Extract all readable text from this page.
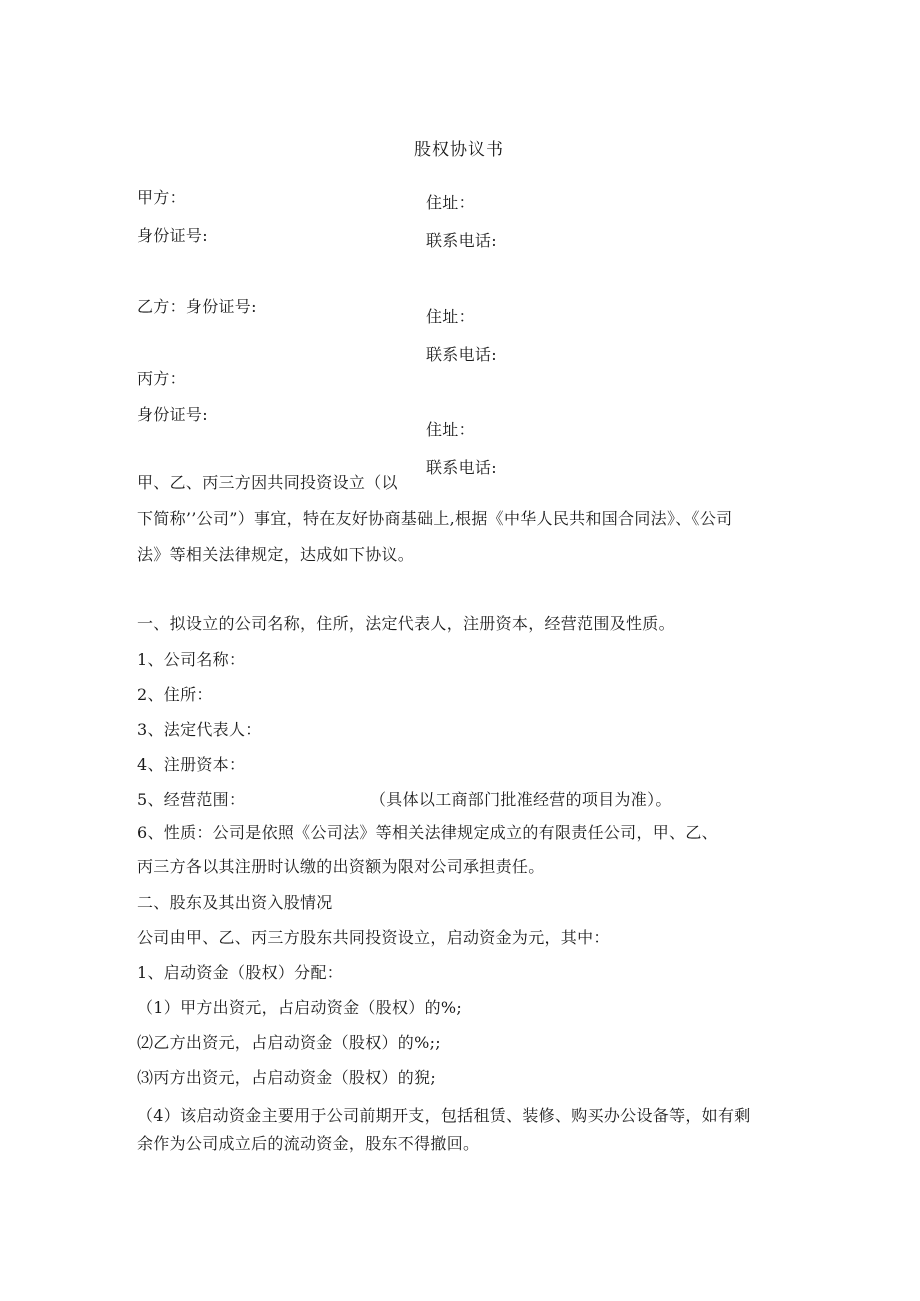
股权协议书
甲方：	住址：
身份证号:	联系电话:
乙方：身份证号:
住址：
联系电话:
丙方：
身份证号:
住址：
联系电话:
甲、乙、丙三方因共同投资设立（以
下简称’’公司”）事宜，特在友好协商基础上,根据《中华人民共和国合同法》、《公司
法》等相关法律规定，达成如下协议。
一、拟设立的公司名称，住所，法定代表人，注册资本，经营范围及性质。
1、公司名称：
2、住所：
3、法定代表人：
4、注册资本：
5、经营范围：	（具体以工商部门批准经营的项目为准）。
6、性质：公司是依照《公司法》等相关法律规定成立的有限责任公司，甲、乙、
丙三方各以其注册时认缴的出资额为限对公司承担责任。
二、股东及其出资入股情况
公司由甲、乙、丙三方股东共同投资设立，启动资金为元，其中：
1、启动资金（股权）分配：
（1）甲方出资元，占启动资金（股权）的%;
⑵乙方出资元，占启动资金（股权）的%;;
⑶丙方出资元，占启动资金（股权）的猊;
（4）该启动资金主要用于公司前期开支，包括租赁、装修、购买办公设备等，如有剩
余作为公司成立后的流动资金，股东不得撤回。
